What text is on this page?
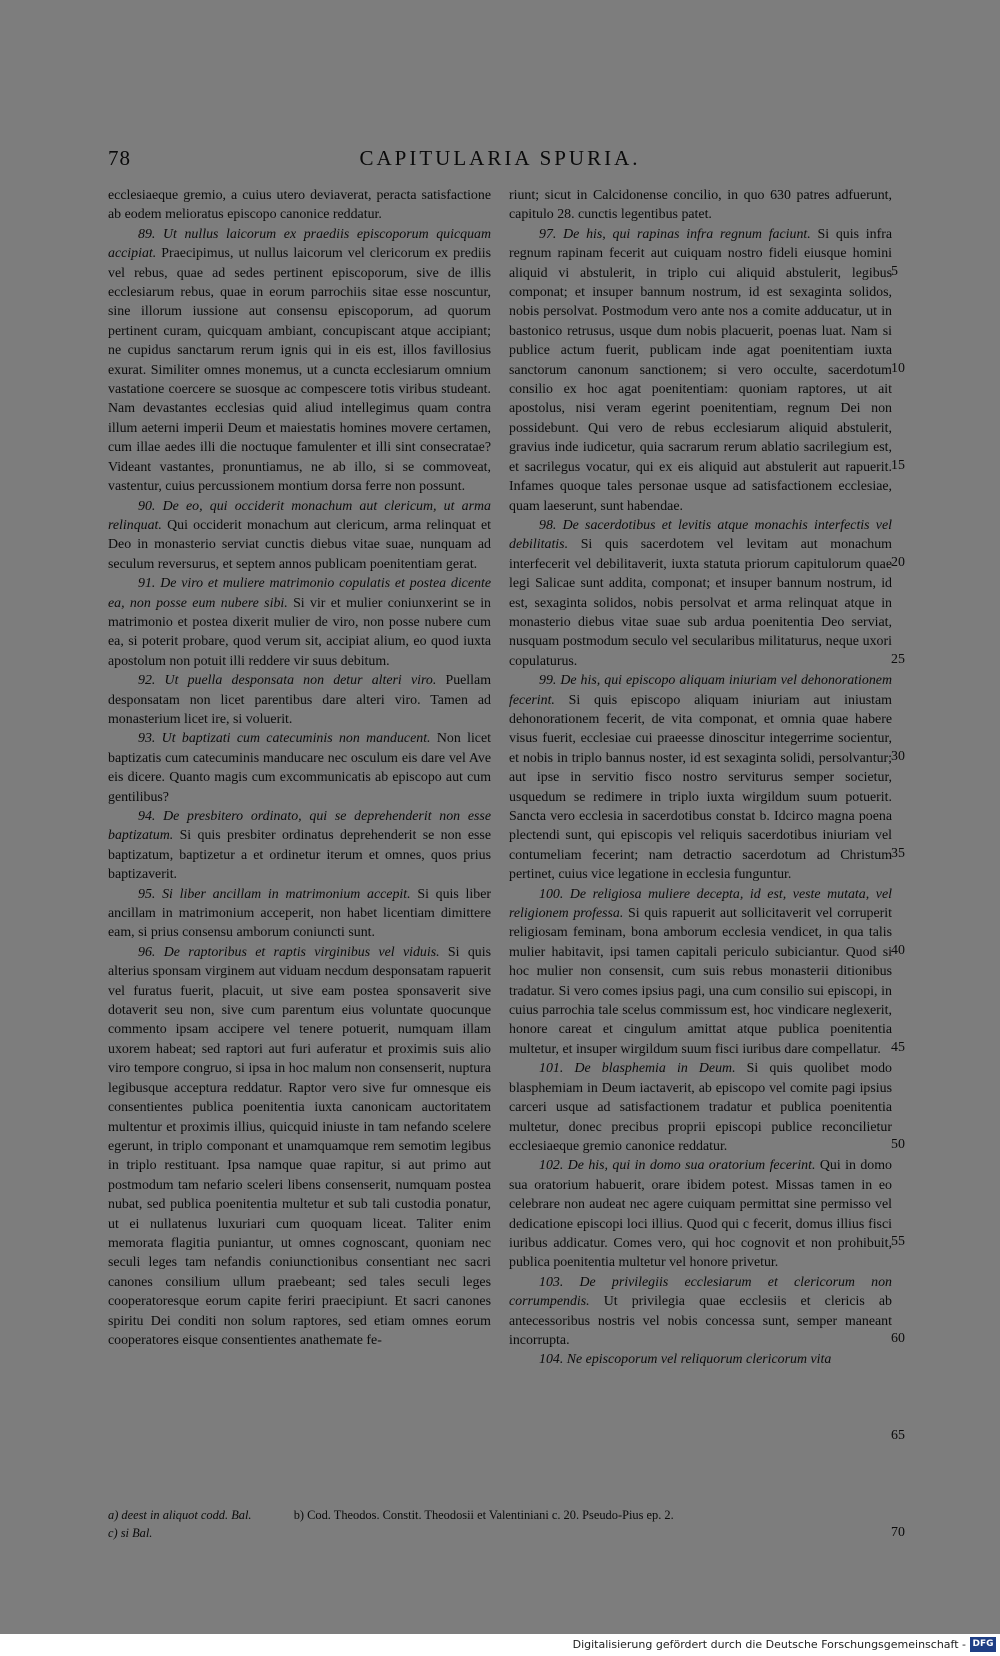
78	CAPITULARIA SPURIA.

ecclesiaeque gremio, a cuius utero deviaverat, peracta satisfactione ab eodem melioratus episcopo canonice reddatur.

89. Ut nullus laicorum ex praediis episcoporum quicquam accipiat. Praecipimus, ut nullus laicorum vel clericorum ex prediis vel rebus, quae ad sedes pertinent episcoporum, sive de illis ecclesiarum rebus, quae in eorum parrochiis sitae esse noscuntur, sine illorum iussione aut consensu episcoporum, ad quorum pertinent curam, quicquam ambiant, concupiscant atque accipiant; ne cupidus sanctarum rerum ignis qui in eis est, illos favillosius exurat. Similiter omnes monemus, ut a cuncta ecclesiarum omnium vastatione coercere se suosque ac compescere totis viribus studeant. Nam devastantes ecclesias quid aliud intellegimus quam contra illum aeterni imperii Deum et maiestatis homines movere certamen, cum illae aedes illi die noctuque famulenter et illi sint consecratae? Videant vastantes, pronuntiamus, ne ab illo, si se commoveat, vastentur, cuius percussionem montium dorsa ferre non possunt.

90. De eo, qui occiderit monachum aut clericum, ut arma relinquat. Qui occiderit monachum aut clericum, arma relinquat et Deo in monasterio serviat cunctis diebus vitae suae, nunquam ad seculum reversurus, et septem annos publicam poenitentiam gerat.

91. De viro et muliere matrimonio copulatis et postea dicente ea, non posse eum nubere sibi. Si vir et mulier coniunxerint se in matrimonio et postea dixerit mulier de viro, non posse nubere cum ea, si poterit probare, quod verum sit, accipiat alium, eo quod iuxta apostolum non potuit illi reddere vir suus debitum.

92. Ut puella desponsata non detur alteri viro. Puellam desponsatam non licet parentibus dare alteri viro. Tamen ad monasterium licet ire, si voluerit.

93. Ut baptizati cum catecuminis non manducent. Non licet baptizatis cum catecuminis manducare nec osculum eis dare vel Ave eis dicere. Quanto magis cum excommunicatis ab episcopo aut cum gentilibus?

94. De presbitero ordinato, qui se deprehenderit non esse baptizatum. Si quis presbiter ordinatus deprehenderit se non esse baptizatum, baptizetur a et ordinetur iterum et omnes, quos prius baptizaverit.

95. Si liber ancillam in matrimonium accepit. Si quis liber ancillam in matrimonium acceperit, non habet licentiam dimittere eam, si prius consensu amborum coniuncti sunt.

96. De raptoribus et raptis virginibus vel viduis. Si quis alterius sponsam virginem aut viduam necdum desponsatam rapuerit vel furatus fuerit, placuit, ut sive eam postea sponsaverit sive dotaverit seu non, sive cum parentum eius voluntate quocunque commento ipsam accipere vel tenere potuerit, numquam illam uxorem habeat; sed raptori aut furi auferatur et proximis suis alio viro tempore congruo, si ipsa in hoc malum non consenserit, nuptura legibusque acceptura reddatur. Raptor vero sive fur omnesque eis consentientes publica poenitentia iuxta canonicam auctoritatem multentur et proximis illius, quicquid iniuste in tam nefando scelere egerunt, in triplo componant et unamquamque rem semotim legibus in triplo restituant. Ipsa namque quae rapitur, si aut primo aut postmodum tam nefario sceleri libens consenserit, numquam postea nubat, sed publica poenitentia multetur et sub tali custodia ponatur, ut ei nullatenus luxuriari cum quoquam liceat. Taliter enim memorata flagitia puniantur, ut omnes cognoscant, quoniam nec seculi leges tam nefandis coniunctionibus consentiant nec sacri canones consilium ullum praebeant; sed tales seculi leges cooperatoresque eorum capite feriri praecipiunt. Et sacri canones spiritu Dei conditi non solum raptores, sed etiam omnes eorum cooperatores eisque consentientes anathemate fe-

riunt; sicut in Calcidonense concilio, in quo 630 patres adfuerunt, capitulo 28. cunctis legentibus patet.

97. De his, qui rapinas infra regnum faciunt. Si quis infra regnum rapinam fecerit aut cuiquam nostro fideli eiusque homini aliquid vi abstulerit, in triplo cui aliquid abstulerit, legibus componat; et insuper bannum nostrum, id est sexaginta solidos, nobis persolvat. Postmodum vero ante nos a comite adducatur, ut in bastonico retrusus, usque dum nobis placuerit, poenas luat. Nam si publice actum fuerit, publicam inde agat poenitentiam iuxta sanctorum canonum sanctionem; si vero occulte, sacerdotum consilio ex hoc agat poenitentiam: quoniam raptores, ut ait apostolus, nisi veram egerint poenitentiam, regnum Dei non possidebunt. Qui vero de rebus ecclesiarum aliquid abstulerit, gravius inde iudicetur, quia sacrarum rerum ablatio sacrilegium est, et sacrilegus vocatur, qui ex eis aliquid aut abstulerit aut rapuerit. Infames quoque tales personae usque ad satisfactionem ecclesiae, quam laeserunt, sunt habendae.

98. De sacerdotibus et levitis atque monachis interfectis vel debilitatis. Si quis sacerdotem vel levitam aut monachum interfecerit vel debilitaverit, iuxta statuta priorum capitulorum quae legi Salicae sunt addita, componat; et insuper bannum nostrum, id est, sexaginta solidos, nobis persolvat et arma relinquat atque in monasterio diebus vitae suae sub ardua poenitentia Deo serviat, nusquam postmodum seculo vel secularibus militaturus, neque uxori copulaturus.

99. De his, qui episcopo aliquam iniuriam vel dehonorationem fecerint. Si quis episcopo aliquam iniuriam aut iniustam dehonorationem fecerit, de vita componat, et omnia quae habere visus fuerit, ecclesiae cui praeesse dinoscitur integerrime socientur, et nobis in triplo bannus noster, id est sexaginta solidi, persolvantur; aut ipse in servitio fisco nostro serviturus semper societur, usquedum se redimere in triplo iuxta wirgildum suum potuerit. Sancta vero ecclesia in sacerdotibus constat b. Idcirco magna poena plectendi sunt, qui episcopis vel reliquis sacerdotibus iniuriam vel contumeliam fecerint; nam detractio sacerdotum ad Christum pertinet, cuius vice legatione in ecclesia funguntur.

100. De religiosa muliere decepta, id est, veste mutata, vel religionem professa. Si quis rapuerit aut sollicitaverit vel corruperit religiosam feminam, bona amborum ecclesia vendicet, in qua talis mulier habitavit, ipsi tamen capitali periculo subiciantur. Quod si hoc mulier non consensit, cum suis rebus monasterii ditionibus tradatur. Si vero comes ipsius pagi, una cum consilio sui episcopi, in cuius parrochia tale scelus commissum est, hoc vindicare neglexerit, honore careat et cingulum amittat atque publica poenitentia multetur, et insuper wirgildum suum fisci iuribus dare compellatur.

101. De blasphemia in Deum. Si quis quolibet modo blasphemiam in Deum iactaverit, ab episcopo vel comite pagi ipsius carceri usque ad satisfactionem tradatur et publica poenitentia multetur, donec precibus proprii episcopi publice reconcilietur ecclesiaeque gremio canonice reddatur.

102. De his, qui in domo sua oratorium fecerint. Qui in domo sua oratorium habuerit, orare ibidem potest. Missas tamen in eo celebrare non audeat nec agere cuiquam permittat sine permisso vel dedicatione episcopi loci illius. Quod qui c fecerit, domus illius fisci iuribus addicatur. Comes vero, qui hoc cognovit et non prohibuit, publica poenitentia multetur vel honore privetur.

103. De privilegiis ecclesiarum et clericorum non corrumpendis. Ut privilegia quae ecclesiis et clericis ab antecessoribus nostris vel nobis concessa sunt, semper maneant incorrupta.

104. Ne episcoporum vel reliquorum clericorum vita

5
10
15
20
25
30
35
40
45
50
55
60
65
70
a) deest in aliquot codd. Bal.	b) Cod. Theodos. Constit. Theodosii et Valentiniani c. 20. Pseudo-Pius ep. 2.
c) si Bal.
Digitalisierung gefördert durch die Deutsche Forschungsgemeinschaft - DFG
